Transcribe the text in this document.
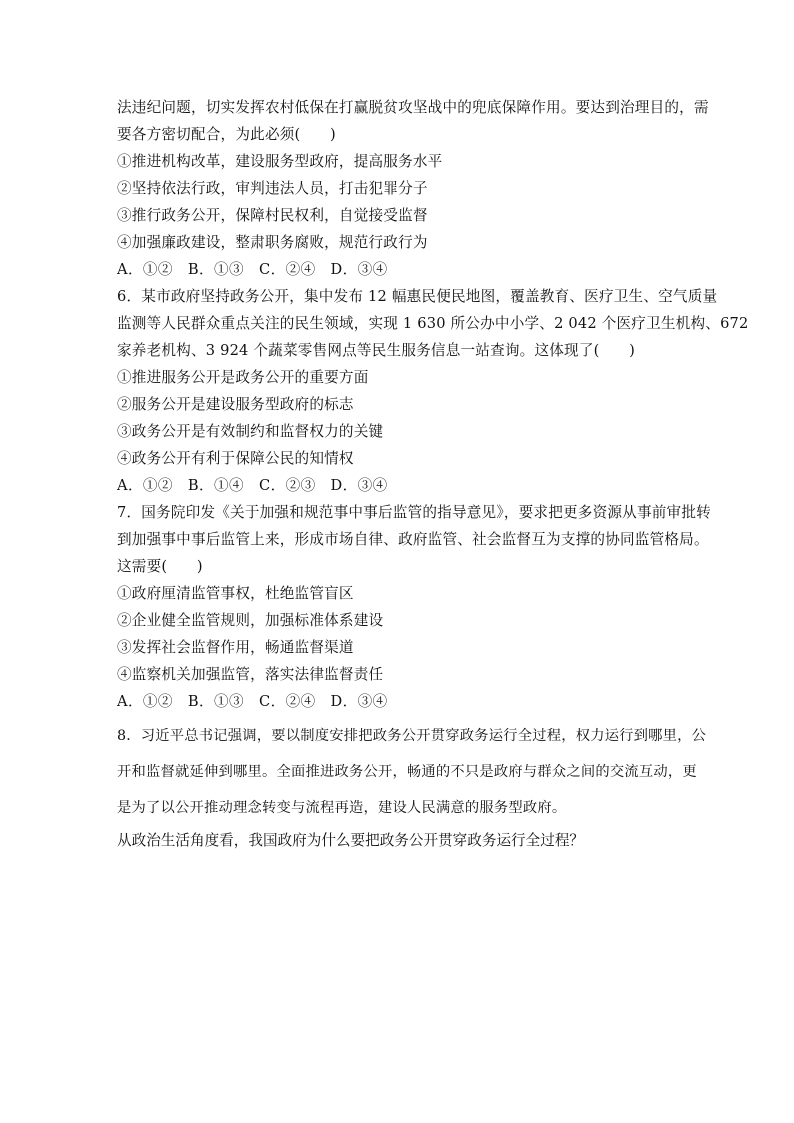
法违纪问题，切实发挥农村低保在打赢脱贫攻坚战中的兜底保障作用。要达到治理目的，需
要各方密切配合，为此必须(　　)
①推进机构改革，建设服务型政府，提高服务水平
②坚持依法行政，审判违法人员，打击犯罪分子
③推行政务公开，保障村民权利，自觉接受监督
④加强廉政建设，整肃职务腐败，规范行政行为
A．①②　B．①③　C．②④　D．③④
6．某市政府坚持政务公开，集中发布 12 幅惠民便民地图，覆盖教育、医疗卫生、空气质量
监测等人民群众重点关注的民生领域，实现 1 630 所公办中小学、2 042 个医疗卫生机构、672
家养老机构、3 924 个蔬菜零售网点等民生服务信息一站查询。这体现了(　　)
①推进服务公开是政务公开的重要方面
②服务公开是建设服务型政府的标志
③政务公开是有效制约和监督权力的关键
④政务公开有利于保障公民的知情权
A．①②　B．①④　C．②③　D．③④
7．国务院印发《关于加强和规范事中事后监管的指导意见》，要求把更多资源从事前审批转
到加强事中事后监管上来，形成市场自律、政府监管、社会监督互为支撑的协同监管格局。
这需要(　　)
①政府厘清监管事权，杜绝监管盲区
②企业健全监管规则，加强标准体系建设
③发挥社会监督作用，畅通监督渠道
④监察机关加强监管，落实法律监督责任
A．①②　B．①③　C．②④　D．③④
8．习近平总书记强调，要以制度安排把政务公开贯穿政务运行全过程，权力运行到哪里，公
开和监督就延伸到哪里。全面推进政务公开，畅通的不只是政府与群众之间的交流互动，更
是为了以公开推动理念转变与流程再造，建设人民满意的服务型政府。
从政治生活角度看，我国政府为什么要把政务公开贯穿政务运行全过程？
